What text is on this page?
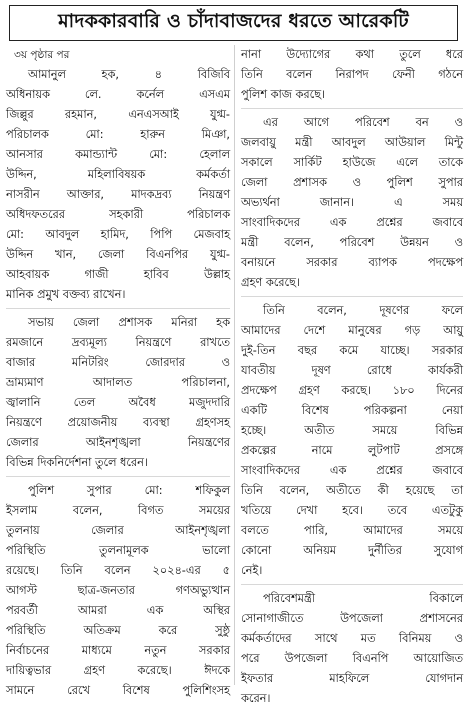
মাদককারবারি ও চাঁদাবাজদের ধরতে আরেকটি
৩য় পৃষ্ঠার পর
আমানুল হক, ৪ বিজিবি
অধিনায়ক লে. কর্নেল এসএম
জিল্লুর রহমান, এনএসআই যুগ্ম-
পরিচালক মো: হারুন মিঞা,
আনসার কমান্ড্যান্ট মো: হেলাল
উদ্দিন, মহিলাবিষয়ক কর্মকর্তা
নাসরীন আক্তার, মাদকদ্রব্য নিয়ন্ত্রণ
অধিদফতরের সহকারী পরিচালক
মো: আবদুল হামিদ, পিপি মেজবাহ
উদ্দিন খান, জেলা বিএনপির যুগ্ম-
আহবায়ক গাজী হাবিব উল্লাহ
মানিক প্রমুখ বক্তব্য রাখেন।
সভায় জেলা প্রশাসক মনিরা হক
রমজানে দ্রব্যমূল্য নিয়ন্ত্রণে রাখতে
বাজার মনিটরিং জোরদার ও
ভ্রাম্যমাণ আদালত পরিচালনা,
জ্বালানি তেল অবৈধ মজুদদারি
নিয়ন্ত্রণে প্রয়োজনীয় ব্যবস্থা গ্রহণসহ
জেলার আইনশৃঙ্খলা নিয়ন্ত্রণের
বিভিন্ন দিকনির্দেশনা তুলে ধরেন।
পুলিশ সুপার মো: শফিকুল
ইসলাম বলেন, বিগত সময়ের
তুলনায় জেলার আইনশৃঙ্খলা
পরিস্থিতি তুলনামূলক ভালো
রয়েছে। তিনি বলেন ২০২৪-এর ৫
আগস্ট ছাত্র-জনতার গণঅভ্যুত্থান
পরবর্তী আমরা এক অস্থির
পরিস্থিতি অতিক্রম করে সুষ্ঠু
নির্বাচনের মাধ্যমে নতুন সরকার
দায়িত্বভার গ্রহণ করেছে। ঈদকে
সামনে রেখে বিশেষ পুলিশিংসহ
নানা উদ্যোগের কথা তুলে ধরে
তিনি বলেন নিরাপদ ফেনী গঠনে
পুলিশ কাজ করছে।
এর আগে পরিবেশ বন ও
জলবায়ু মন্ত্রী আবদুল আউয়াল মিন্টু
সকালে সার্কিট হাউজে এলে তাকে
জেলা প্রশাসক ও পুলিশ সুপার
অভ্যর্থনা জানান। এ সময়
সাংবাদিকদের এক প্রশ্নের জবাবে
মন্ত্রী বলেন, পরিবেশ উন্নয়ন ও
বনায়নে সরকার ব্যাপক পদক্ষেপ
গ্রহণ করেছে।
তিনি বলেন, দূষণের ফলে
আমাদের দেশে মানুষের গড় আয়ু
দুই-তিন বছর কমে যাচ্ছে। সরকার
যাবতীয় দূষণ রোধে কার্যকরী
প্রদক্ষেপ গ্রহণ করছে। ১৮০ দিনের
একটি বিশেষ পরিকল্পনা নেয়া
হচ্ছে। অতীত সময়ে বিভিন্ন
প্রকল্পের নামে লুটপাট প্রসঙ্গে
সাংবাদিকদের এক প্রশ্নের জবাবে
তিনি বলেন, অতীতে কী হয়েছে তা
খতিয়ে দেখা হবে। তবে এতটুকু
বলতে পারি, আমাদের সময়ে
কোনো অনিয়ম দুর্নীতির সুযোগ
নেই।
পরিবেশমন্ত্রী বিকালে
সোনাগাজীতে উপজেলা প্রশাসনের
কর্মকর্তাদের সাথে মত বিনিময় ও
পরে উপজেলা বিএনপি আয়োজিত
ইফতার মাহফিলে যোগদান
করেন।
